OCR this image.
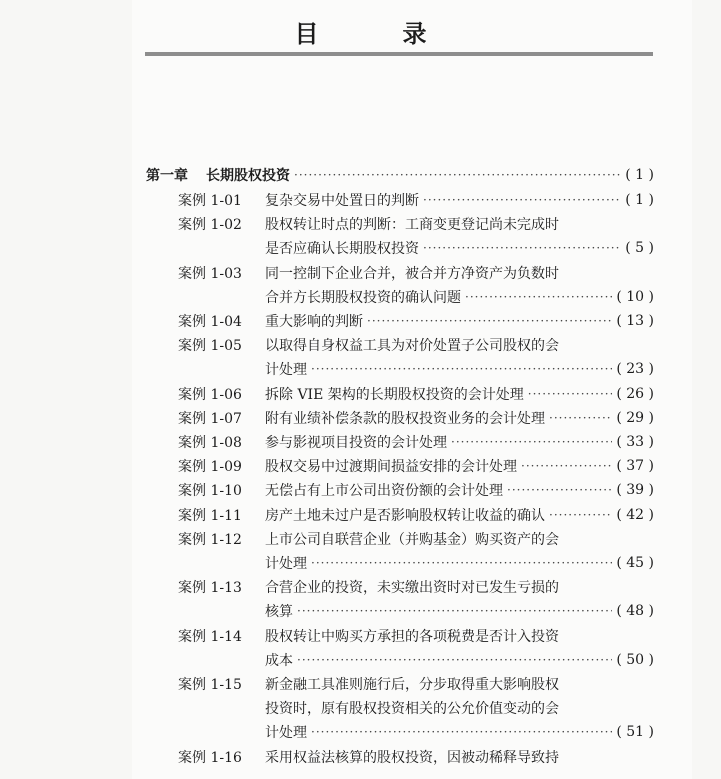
目　录
第一章 长期股权投资 ·····	( 1 )
案例 1-01	复杂交易中处置日的判断 ·····	( 1 )
案例 1-02	股权转让时点的判断：工商变更登记尚未完成时
是否应确认长期股权投资 ·····	( 5 )
案例 1-03	同一控制下企业合并，被合并方净资产为负数时
合并方长期股权投资的确认问题 ·····	( 10 )
案例 1-04	重大影响的判断 ·····	( 13 )
案例 1-05	以取得自身权益工具为对价处置子公司股权的会
计处理 ·····	( 23 )
案例 1-06	拆除 VIE 架构的长期股权投资的会计处理 ·····	( 26 )
案例 1-07	附有业绩补偿条款的股权投资业务的会计处理 ·····	( 29 )
案例 1-08	参与影视项目投资的会计处理 ·····	( 33 )
案例 1-09	股权交易中过渡期间损益安排的会计处理 ·····	( 37 )
案例 1-10	无偿占有上市公司出资份额的会计处理 ·····	( 39 )
案例 1-11	房产土地未过户是否影响股权转让收益的确认 ·····	( 42 )
案例 1-12	上市公司自联营企业（并购基金）购买资产的会
计处理 ·····	( 45 )
案例 1-13	合营企业的投资，未实缴出资时对已发生亏损的
核算 ·····	( 48 )
案例 1-14	股权转让中购买方承担的各项税费是否计入投资
成本 ·····	( 50 )
案例 1-15	新金融工具准则施行后，分步取得重大影响股权
投资时，原有股权投资相关的公允价值变动的会
计处理 ·····	( 51 )
案例 1-16	采用权益法核算的股权投资，因被动稀释导致持
